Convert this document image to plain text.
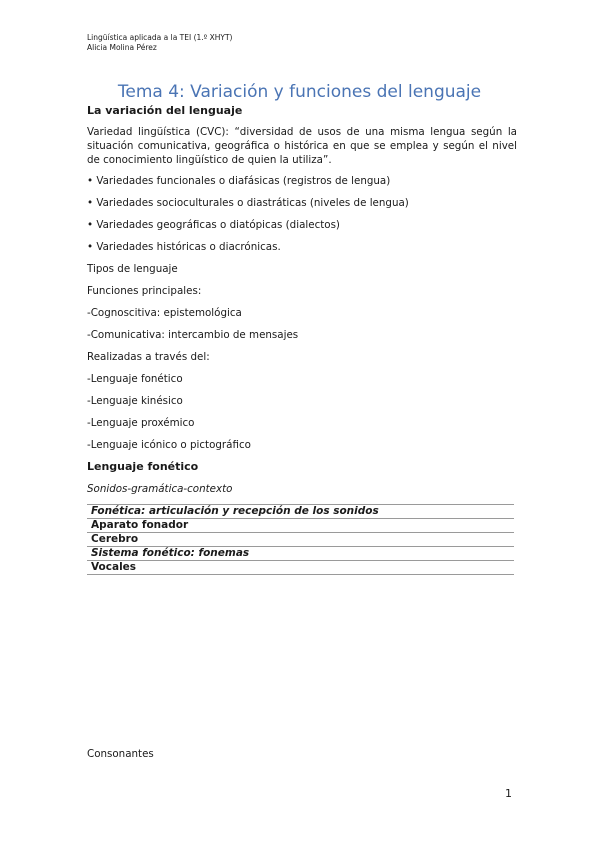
Lingüística aplicada a la TEI (1.º XHYT)
Alicia Molina Pérez
Tema 4: Variación y funciones del lenguaje
La variación del lenguaje
Variedad lingüística (CVC): “diversidad de usos de una misma lengua según la situación comunicativa, geográfica o histórica en que se emplea y según el nivel de conocimiento lingüístico de quien la utiliza”.
• Variedades funcionales o diafásicas (registros de lengua)
• Variedades socioculturales o diastráticas (niveles de lengua)
• Variedades geográficas o diatópicas (dialectos)
• Variedades históricas o diacrónicas.
Tipos de lenguaje
Funciones principales:
-Cognoscitiva: epistemológica
-Comunicativa: intercambio de mensajes
Realizadas a través del:
-Lenguaje fonético
-Lenguaje kinésico
-Lenguaje proxémico
-Lenguaje icónico o pictográfico
Lenguaje fonético
Sonidos-gramática-contexto
Fonética: articulación y recepción de los sonidos
Aparato fonador
Cerebro
Sistema fonético: fonemas
Vocales
Consonantes
1
